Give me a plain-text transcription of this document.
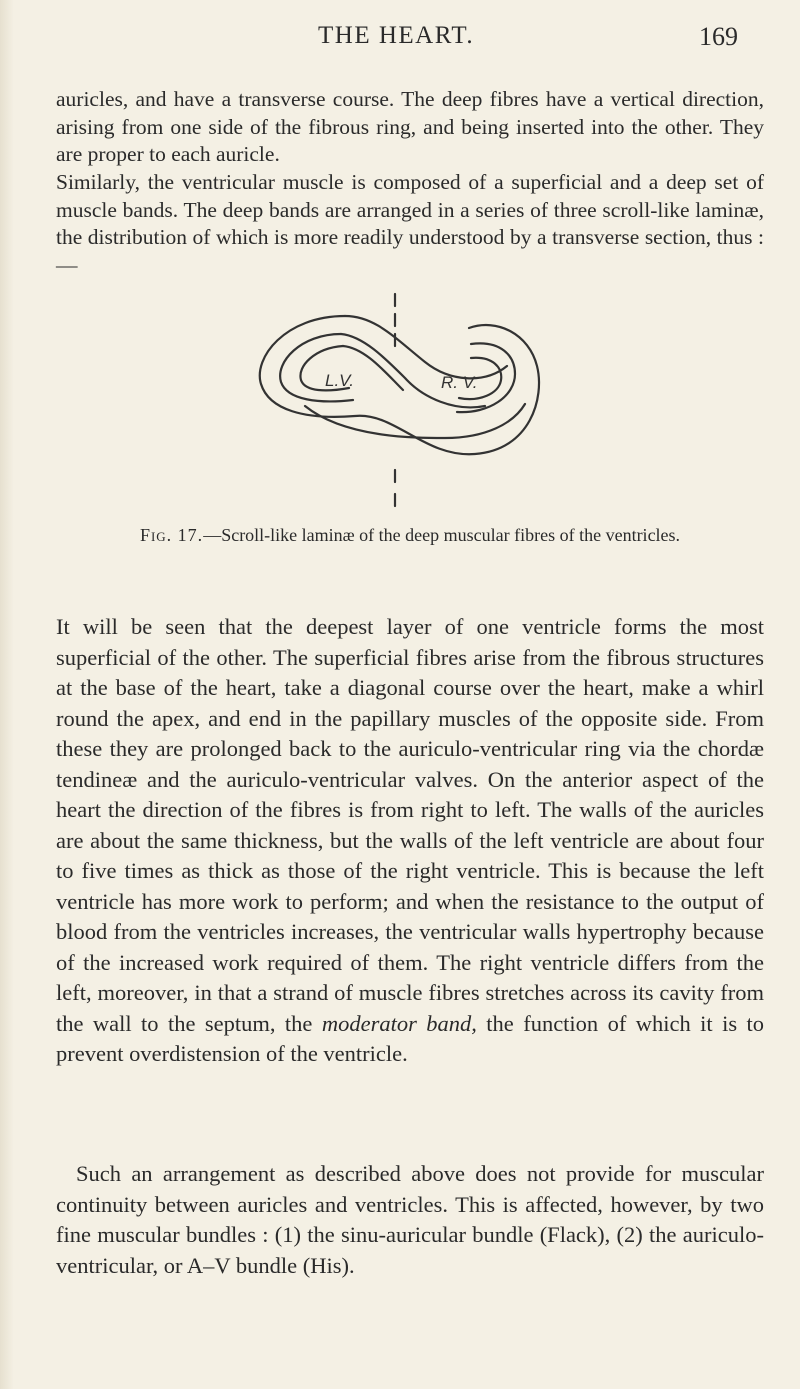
THE HEART.	169

auricles, and have a transverse course. The deep fibres have a vertical direction, arising from one side of the fibrous ring, and being inserted into the other. They are proper to each auricle.

Similarly, the ventricular muscle is composed of a superficial and a deep set of muscle bands. The deep bands are arranged in a series of three scroll-like laminæ, the distribution of which is more readily understood by a transverse section, thus :—

L.V.	R. V.
Fig. 17.—Scroll-like laminæ of the deep muscular fibres of the ventricles.

It will be seen that the deepest layer of one ventricle forms the most superficial of the other. The superficial fibres arise from the fibrous structures at the base of the heart, take a diagonal course over the heart, make a whirl round the apex, and end in the papillary muscles of the opposite side. From these they are prolonged back to the auriculo-ventricular ring via the chordæ tendineæ and the auriculo-ventricular valves. On the anterior aspect of the heart the direction of the fibres is from right to left. The walls of the auricles are about the same thickness, but the walls of the left ventricle are about four to five times as thick as those of the right ventricle. This is because the left ventricle has more work to perform; and when the resistance to the output of blood from the ventricles increases, the ventricular walls hypertrophy because of the increased work required of them. The right ventricle differs from the left, moreover, in that a strand of muscle fibres stretches across its cavity from the wall to the septum, the moderator band, the function of which it is to prevent overdistension of the ventricle.

Such an arrangement as described above does not provide for muscular continuity between auricles and ventricles. This is affected, however, by two fine muscular bundles : (1) the sinu-auricular bundle (Flack), (2) the auriculo-ventricular, or A–V bundle (His).
